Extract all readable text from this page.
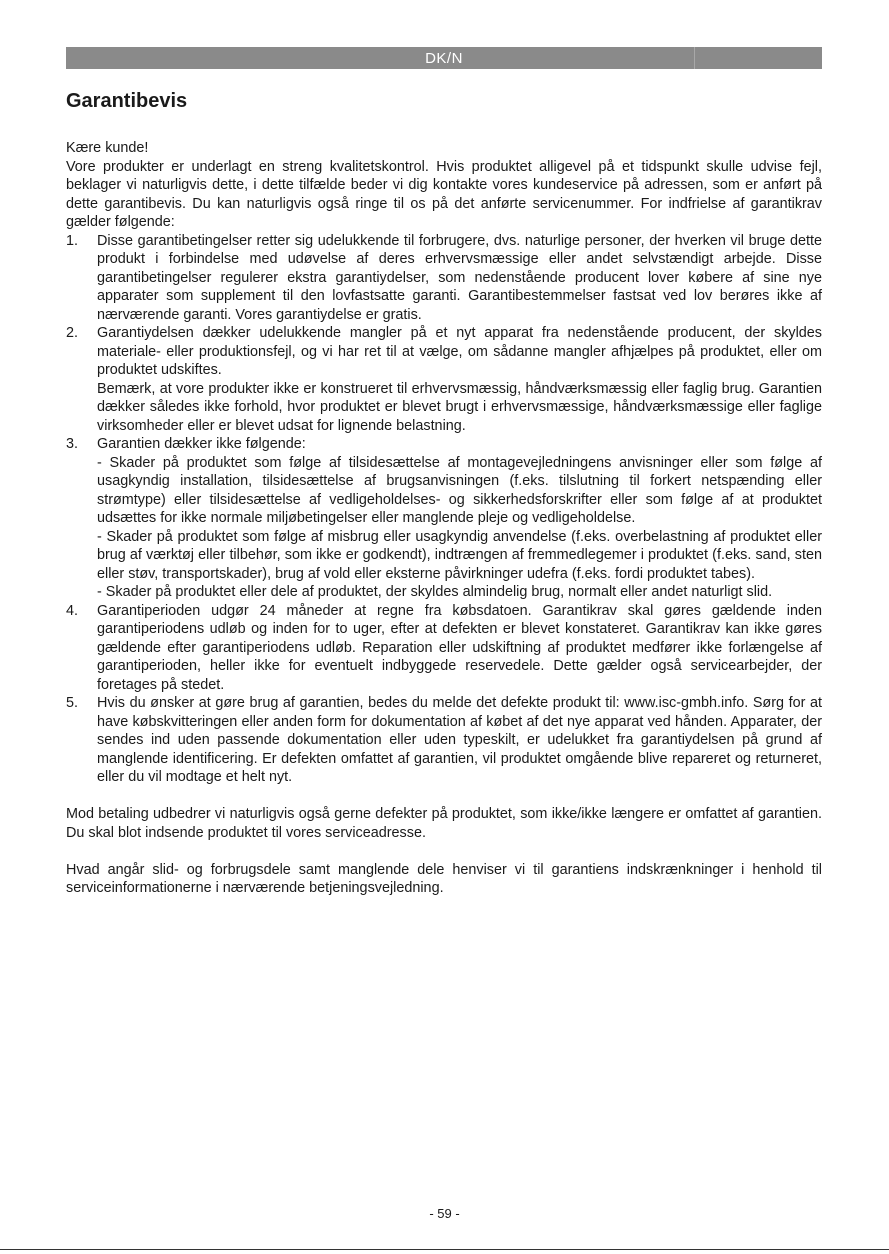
DK/N
Garantibevis

Kære kunde!

Vore produkter er underlagt en streng kvalitetskontrol. Hvis produktet alligevel på et tidspunkt skulle udvise fejl, beklager vi naturligvis dette, i dette tilfælde beder vi dig kontakte vores kundeservice på adressen, som er anført på dette garantibevis. Du kan naturligvis også ringe til os på det anførte servicenummer. For indfrielse af garantikrav gælder følgende:

1. Disse garantibetingelser retter sig udelukkende til forbrugere, dvs. naturlige personer, der hverken vil bruge dette produkt i forbindelse med udøvelse af deres erhvervsmæssige eller andet selvstændigt arbejde. Disse garantibetingelser regulerer ekstra garantiydelser, som nedenstående producent lover købere af sine nye apparater som supplement til den lovfastsatte garanti. Garantibestemmelser fastsat ved lov berøres ikke af nærværende garanti. Vores garantiydelse er gratis.

2. Garantiydelsen dækker udelukkende mangler på et nyt apparat fra nedenstående producent, der skyldes materiale- eller produktionsfejl, og vi har ret til at vælge, om sådanne mangler afhjælpes på produktet, eller om produktet udskiftes.

Bemærk, at vore produkter ikke er konstrueret til erhvervsmæssig, håndværksmæssig eller faglig brug. Garantien dækker således ikke forhold, hvor produktet er blevet brugt i erhvervsmæssige, håndværksmæssige eller faglige virksomheder eller er blevet udsat for lignende belastning.

3. Garantien dækker ikke følgende:

- Skader på produktet som følge af tilsidesættelse af montagevejledningens anvisninger eller som følge af usagkyndig installation, tilsidesættelse af brugsanvisningen (f.eks. tilslutning til forkert netspænding eller strømtype) eller tilsidesættelse af vedligeholdelses- og sikkerhedsforskrifter eller som følge af at produktet udsættes for ikke normale miljøbetingelser eller manglende pleje og vedligeholdelse.

- Skader på produktet som følge af misbrug eller usagkyndig anvendelse (f.eks. overbelastning af produktet eller brug af værktøj eller tilbehør, som ikke er godkendt), indtrængen af fremmedlegemer i produktet (f.eks. sand, sten eller støv, transportskader), brug af vold eller eksterne påvirkninger udefra (f.eks. fordi produktet tabes).

- Skader på produktet eller dele af produktet, der skyldes almindelig brug, normalt eller andet naturligt slid.

4. Garantiperioden udgør 24 måneder at regne fra købsdatoen. Garantikrav skal gøres gældende inden garantiperiodens udløb og inden for to uger, efter at defekten er blevet konstateret. Garantikrav kan ikke gøres gældende efter garantiperiodens udløb. Reparation eller udskiftning af produktet medfører ikke forlængelse af garantiperioden, heller ikke for eventuelt indbyggede reservedele. Dette gælder også servicearbejder, der foretages på stedet.

5. Hvis du ønsker at gøre brug af garantien, bedes du melde det defekte produkt til: www.isc-gmbh.info. Sørg for at have købskvitteringen eller anden form for dokumentation af købet af det nye apparat ved hånden. Apparater, der sendes ind uden passende dokumentation eller uden typeskilt, er udelukket fra garantiydelsen på grund af manglende identificering. Er defekten omfattet af garantien, vil produktet omgående blive repareret og returneret, eller du vil modtage et helt nyt.

Mod betaling udbedrer vi naturligvis også gerne defekter på produktet, som ikke/ikke længere er omfattet af garantien. Du skal blot indsende produktet til vores serviceadresse.

Hvad angår slid- og forbrugsdele samt manglende dele henviser vi til garantiens indskrænkninger i henhold til serviceinformationerne i nærværende betjeningsvejledning.

- 59 -
